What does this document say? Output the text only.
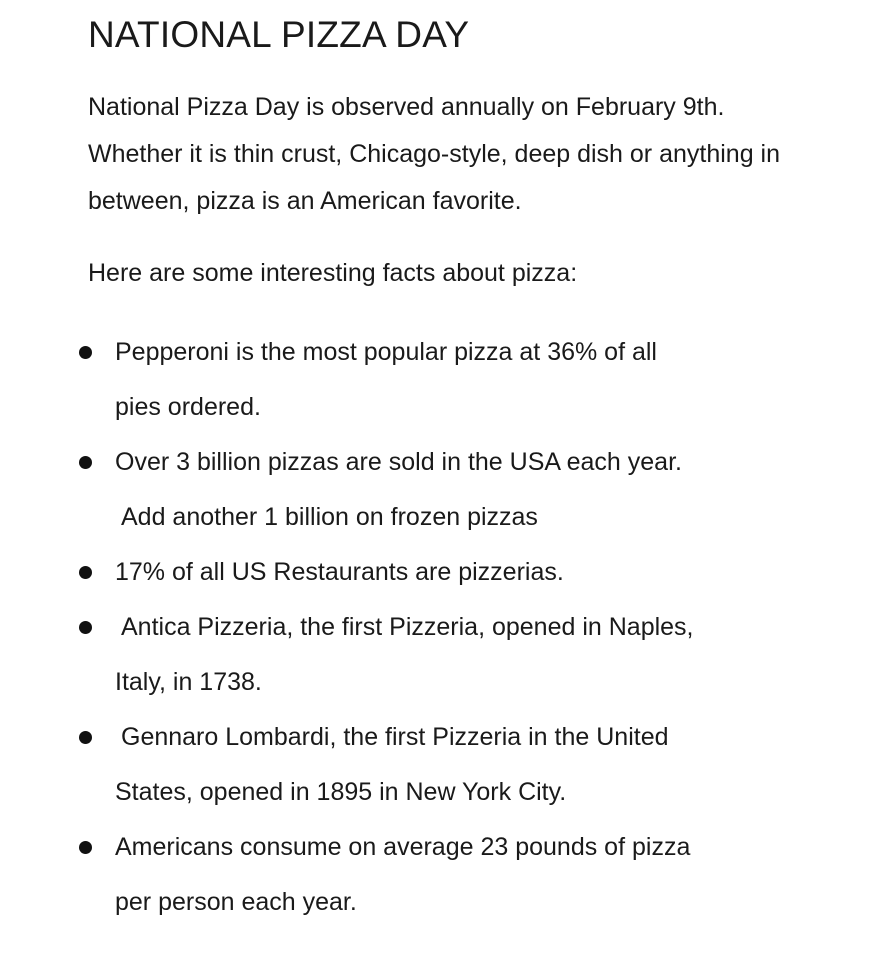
NATIONAL PIZZA DAY

National Pizza Day is observed annually on February 9th. Whether it is thin crust, Chicago-style, deep dish or anything in between, pizza is an American favorite.

Here are some interesting facts about pizza:

Pepperoni is the most popular pizza at 36% of all
pies ordered.
Over 3 billion pizzas are sold in the USA each year.
Add another 1 billion on frozen pizzas
17% of all US Restaurants are pizzerias.
Antica Pizzeria, the first Pizzeria, opened in Naples,
Italy, in 1738.
Gennaro Lombardi, the first Pizzeria in the United
States, opened in 1895 in New York City.
Americans consume on average 23 pounds of pizza
per person each year.
